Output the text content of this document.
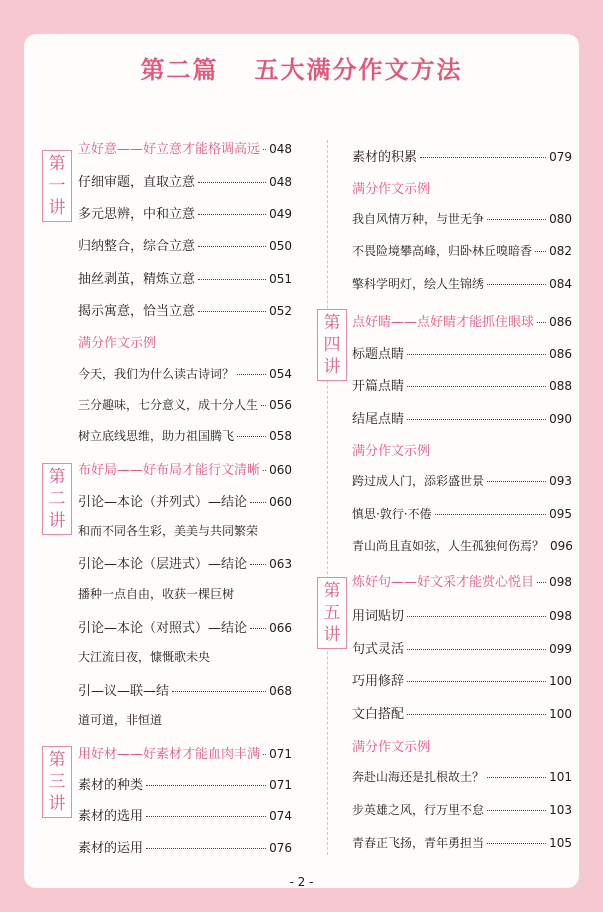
第二篇 五大满分作文方法
第
一
讲
第
二
讲
第
三
讲
立好意——好立意才能格调高远 048
仔细审题，直取立意	048
多元思辨，中和立意	049
归纳整合，综合立意	050
抽丝剥茧，精炼立意	051
揭示寓意，恰当立意	052
满分作文示例
今天，我们为什么读古诗词？	054
三分趣味，七分意义，成十分人生 056
树立底线思维，助力祖国腾飞	058
布好局——好布局才能行文清晰 060
引论—本论（并列式）—结论 060
和而不同各生彩，美美与共同繁荣
引论—本论（层进式）—结论 063
播种一点自由，收获一棵巨树
引论—本论（对照式）—结论 066
大江流日夜，慷慨歌未央
引—议—联—结	068
道可道，非恒道
用好材——好素材才能血肉丰满 071
素材的种类	071
素材的选用	074
素材的运用	076
第
四
讲
第
五
讲
素材的积累	079
满分作文示例
我自风情万种，与世无争	080
不畏险境攀高峰，归卧林丘嗅暗香 082
擎科学明灯，绘人生锦绣	084
点好睛——点好睛才能抓住眼球 086
标题点睛	086
开篇点睛	088
结尾点睛	090
满分作文示例
跨过成人门，添彩盛世景	093
慎思·敦行·不倦	095
青山尚且直如弦，人生孤独何伤焉？ 096
炼好句——好文采才能赏心悦目 098
用词贴切	098
句式灵活	099
巧用修辞	100
文白搭配	100
满分作文示例
奔赴山海还是扎根故土？	101
步英雄之风，行万里不怠	103
青春正飞扬，青年勇担当	105
- 2 -
